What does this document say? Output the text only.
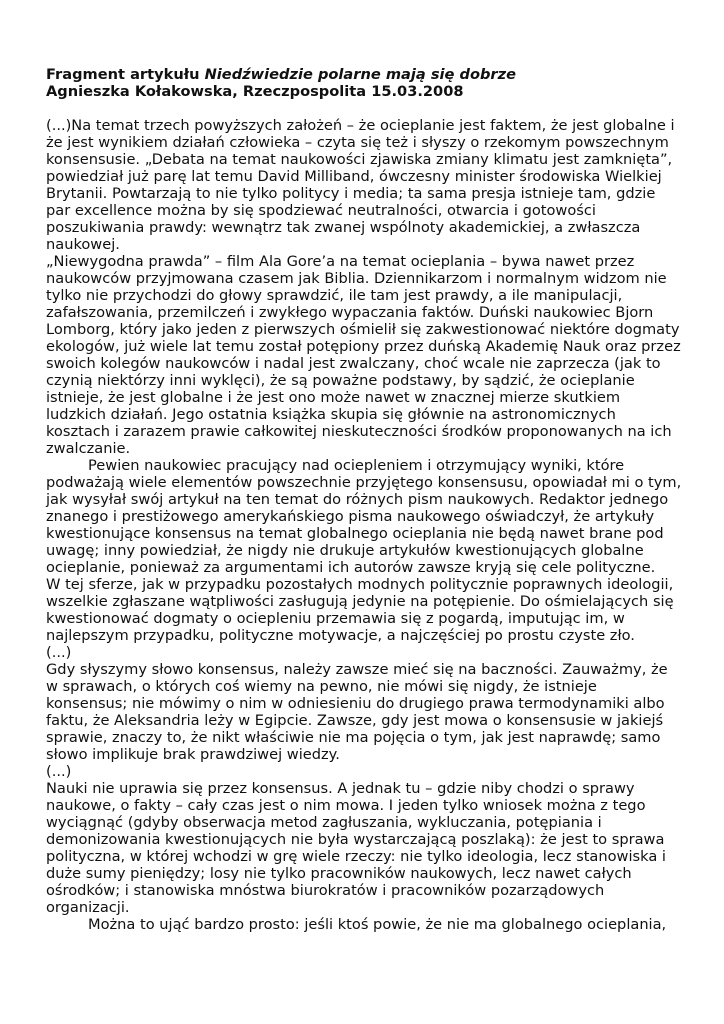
Fragment artykułu Niedźwiedzie polarne mają się dobrze

Agnieszka Kołakowska, Rzeczpospolita 15.03.2008

(...)Na temat trzech powyższych założeń – że ocieplanie jest faktem, że jest globalne i że jest wynikiem działań człowieka – czyta się też i słyszy o rzekomym powszechnym konsensusie. „Debata na temat naukowości zjawiska zmiany klimatu jest zamknięta”, powiedział już parę lat temu David Milliband, ówczesny minister środowiska Wielkiej Brytanii. Powtarzają to nie tylko politycy i media; ta sama presja istnieje tam, gdzie par excellence można by się spodziewać neutralności, otwarcia i gotowości poszukiwania prawdy: wewnątrz tak zwanej wspólnoty akademickiej, a zwłaszcza naukowej.

„Niewygodna prawda” – film Ala Gore’a na temat ocieplania – bywa nawet przez naukowców przyjmowana czasem jak Biblia. Dziennikarzom i normalnym widzom nie tylko nie przychodzi do głowy sprawdzić, ile tam jest prawdy, a ile manipulacji, zafałszowania, przemilczeń i zwykłego wypaczania faktów. Duński naukowiec Bjorn Lomborg, który jako jeden z pierwszych ośmielił się zakwestionować niektóre dogmaty ekologów, już wiele lat temu został potępiony przez duńską Akademię Nauk oraz przez swoich kolegów naukowców i nadal jest zwalczany, choć wcale nie zaprzecza (jak to czynią niektórzy inni wyklęci), że są poważne podstawy, by sądzić, że ocieplanie istnieje, że jest globalne i że jest ono może nawet w znacznej mierze skutkiem ludzkich działań. Jego ostatnia książka skupia się głównie na astronomicznych kosztach i zarazem prawie całkowitej nieskuteczności środków proponowanych na ich zwalczanie.

Pewien naukowiec pracujący nad ociepleniem i otrzymujący wyniki, które podważają wiele elementów powszechnie przyjętego konsensusu, opowiadał mi o tym, jak wysyłał swój artykuł na ten temat do różnych pism naukowych. Redaktor jednego znanego i prestiżowego amerykańskiego pisma naukowego oświadczył, że artykuły kwestionujące konsensus na temat globalnego ocieplania nie będą nawet brane pod uwagę; inny powiedział, że nigdy nie drukuje artykułów kwestionujących globalne ocieplanie, ponieważ za argumentami ich autorów zawsze kryją się cele polityczne.

W tej sferze, jak w przypadku pozostałych modnych politycznie poprawnych ideologii, wszelkie zgłaszane wątpliwości zasługują jedynie na potępienie. Do ośmielających się kwestionować dogmaty o ociepleniu przemawia się z pogardą, imputując im, w najlepszym przypadku, polityczne motywacje, a najczęściej po prostu czyste zło.

(...)

Gdy słyszymy słowo konsensus, należy zawsze mieć się na baczności. Zauważmy, że w sprawach, o których coś wiemy na pewno, nie mówi się nigdy, że istnieje konsensus; nie mówimy o nim w odniesieniu do drugiego prawa termodynamiki albo faktu, że Aleksandria leży w Egipcie. Zawsze, gdy jest mowa o konsensusie w jakiejś sprawie, znaczy to, że nikt właściwie nie ma pojęcia o tym, jak jest naprawdę; samo słowo implikuje brak prawdziwej wiedzy.

(...)

Nauki nie uprawia się przez konsensus. A jednak tu – gdzie niby chodzi o sprawy naukowe, o fakty – cały czas jest o nim mowa. I jeden tylko wniosek można z tego wyciągnąć (gdyby obserwacja metod zagłuszania, wykluczania, potępiania i demonizowania kwestionujących nie była wystarczającą poszlaką): że jest to sprawa polityczna, w której wchodzi w grę wiele rzeczy: nie tylko ideologia, lecz stanowiska i duże sumy pieniędzy; losy nie tylko pracowników naukowych, lecz nawet całych ośrodków; i stanowiska mnóstwa biurokratów i pracowników pozarządowych organizacji.

Można to ująć bardzo prosto: jeśli ktoś powie, że nie ma globalnego ocieplania,
